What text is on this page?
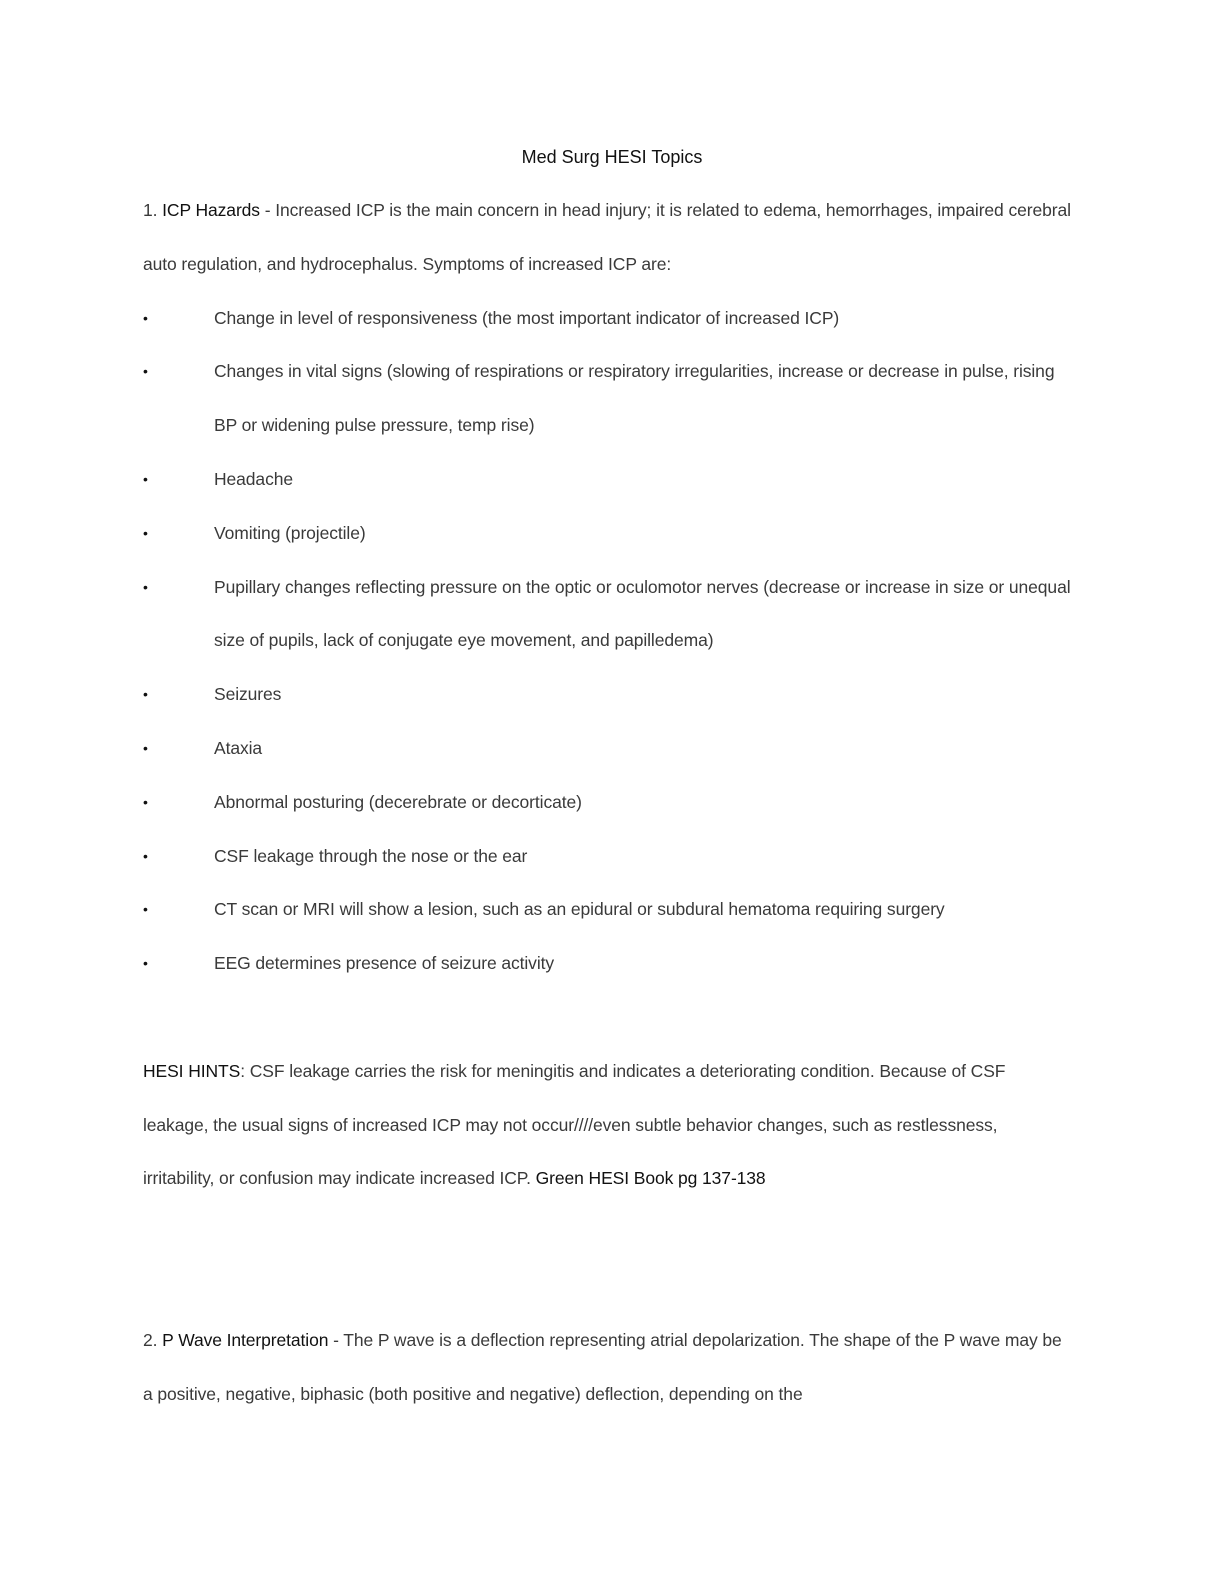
Med Surg HESI Topics

1. ICP Hazards - Increased ICP is the main concern in head injury; it is related to edema, hemorrhages, impaired cerebral auto regulation, and hydrocephalus. Symptoms of increased ICP are:

•	Change in level of responsiveness (the most important indicator of increased ICP)
•	Changes in vital signs (slowing of respirations or respiratory irregularities, increase or decrease in pulse, rising BP or widening pulse pressure, temp rise)
•	Headache
•	Vomiting (projectile)
•	Pupillary changes reflecting pressure on the optic or oculomotor nerves (decrease or increase in size or unequal size of pupils, lack of conjugate eye movement, and papilledema)
•	Seizures
•	Ataxia
•	Abnormal posturing (decerebrate or decorticate)
•	CSF leakage through the nose or the ear
•	CT scan or MRI will show a lesion, such as an epidural or subdural hematoma requiring surgery
•	EEG determines presence of seizure activity

HESI HINTS: CSF leakage carries the risk for meningitis and indicates a deteriorating condition. Because of CSF leakage, the usual signs of increased ICP may not occur////even subtle behavior changes, such as restlessness, irritability, or confusion may indicate increased ICP. Green HESI Book pg 137-138

2. P Wave Interpretation - The P wave is a deflection representing atrial depolarization. The shape of the P wave may be a positive, negative, biphasic (both positive and negative) deflection, depending on the
